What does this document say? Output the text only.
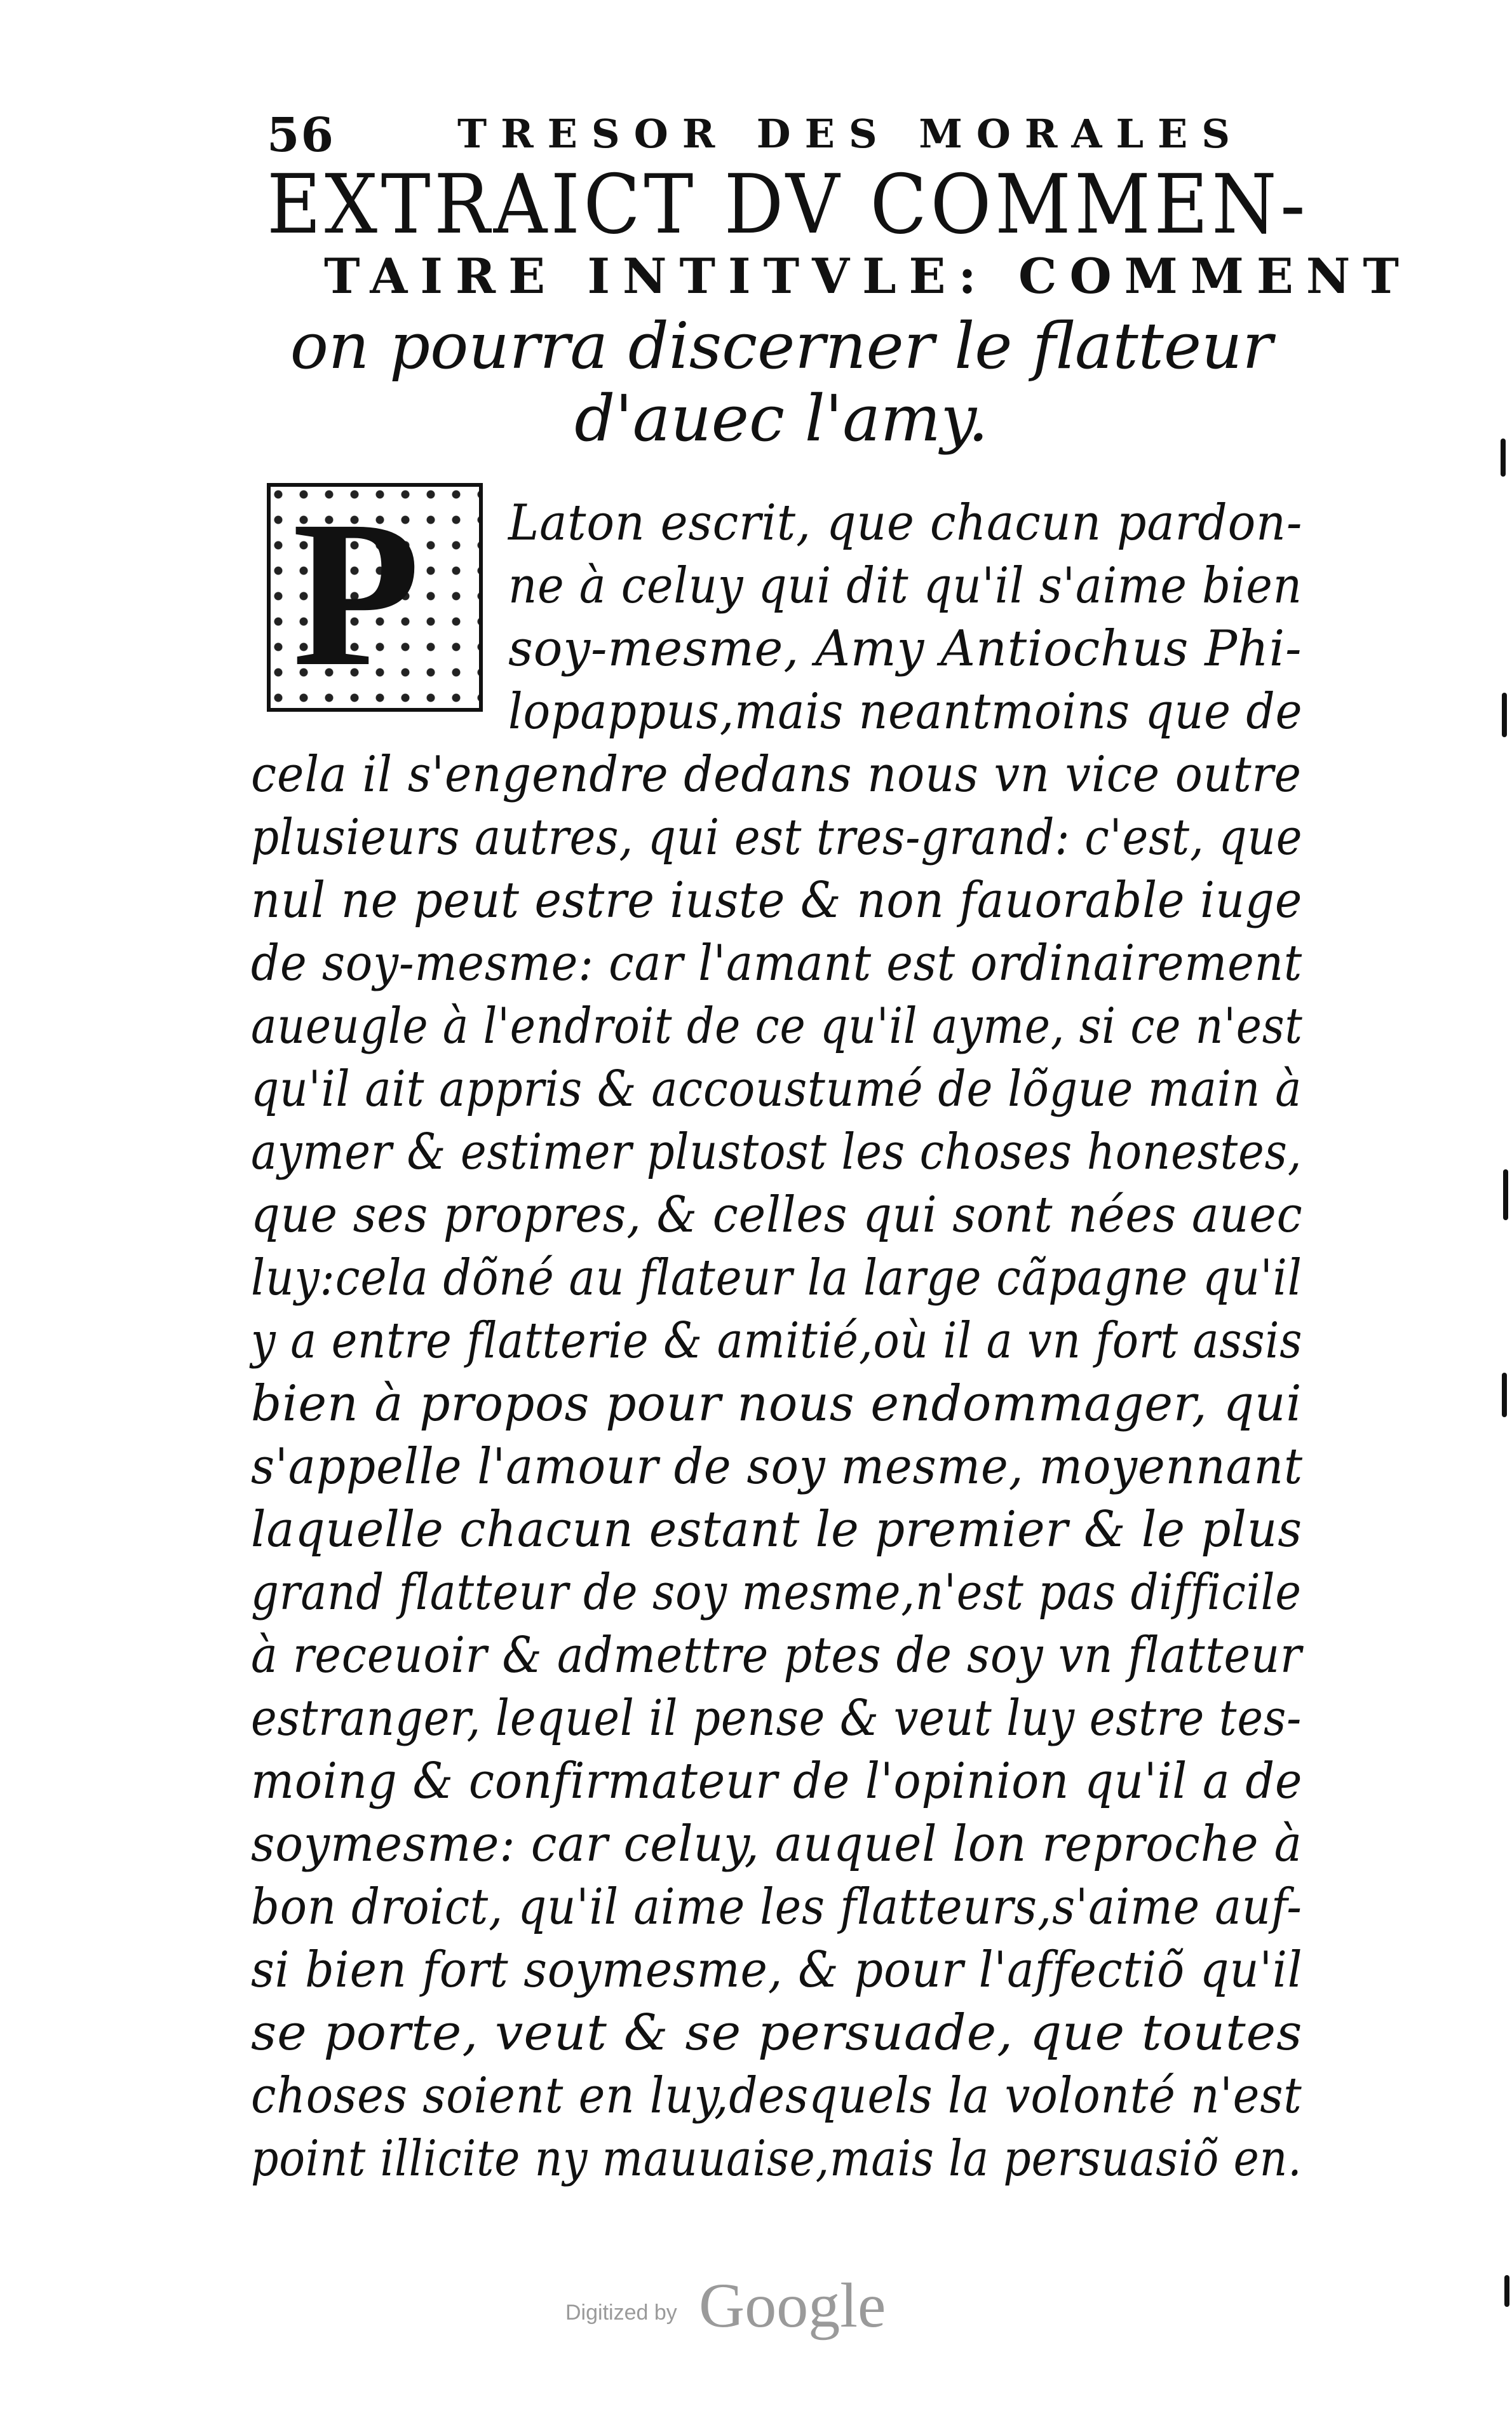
56	TRESOR DES MORALES
EXTRAICT DV COMMEN-
TAIRE INTITVLE: COMMENT
on pourra discerner le flatteur
d'auec l'amy.
P Laton escrit, que chacun pardon-
ne à celuy qui dit qu'il s'aime bien
soy-mesme, Amy Antiochus Phi-
lopappus,mais neantmoins que de
cela il s'engendre dedans nous vn vice outre
plusieurs autres, qui est tres-grand: c'est, que
nul ne peut estre iuste & non fauorable iuge
de soy-mesme: car l'amant est ordinairement
aueugle à l'endroit de ce qu'il ayme, si ce n'est
qu'il ait appris & accoustumé de lõgue main à
aymer & estimer plustost les choses honestes,
que ses propres, & celles qui sont nées auec
luy:cela dõné au flateur la large cãpagne qu'il
y a entre flatterie & amitié,où il a vn fort assis
bien à propos pour nous endommager, qui
s'appelle l'amour de soy mesme, moyennant
laquelle chacun estant le premier & le plus
grand flatteur de soy mesme,n'est pas difficile
à receuoir & admettre ptes de soy vn flatteur
estranger, lequel il pense & veut luy estre tes-
moing & confirmateur de l'opinion qu'il a de
soymesme: car celuy, auquel lon reproche à
bon droict, qu'il aime les flatteurs,s'aime auf-
si bien fort soymesme, & pour l'affectiõ qu'il
se porte, veut & se persuade, que toutes
choses soient en luy,desquels la volonté n'est
point illicite ny mauuaise,mais la persuasiõ en.
Digitized by Google
